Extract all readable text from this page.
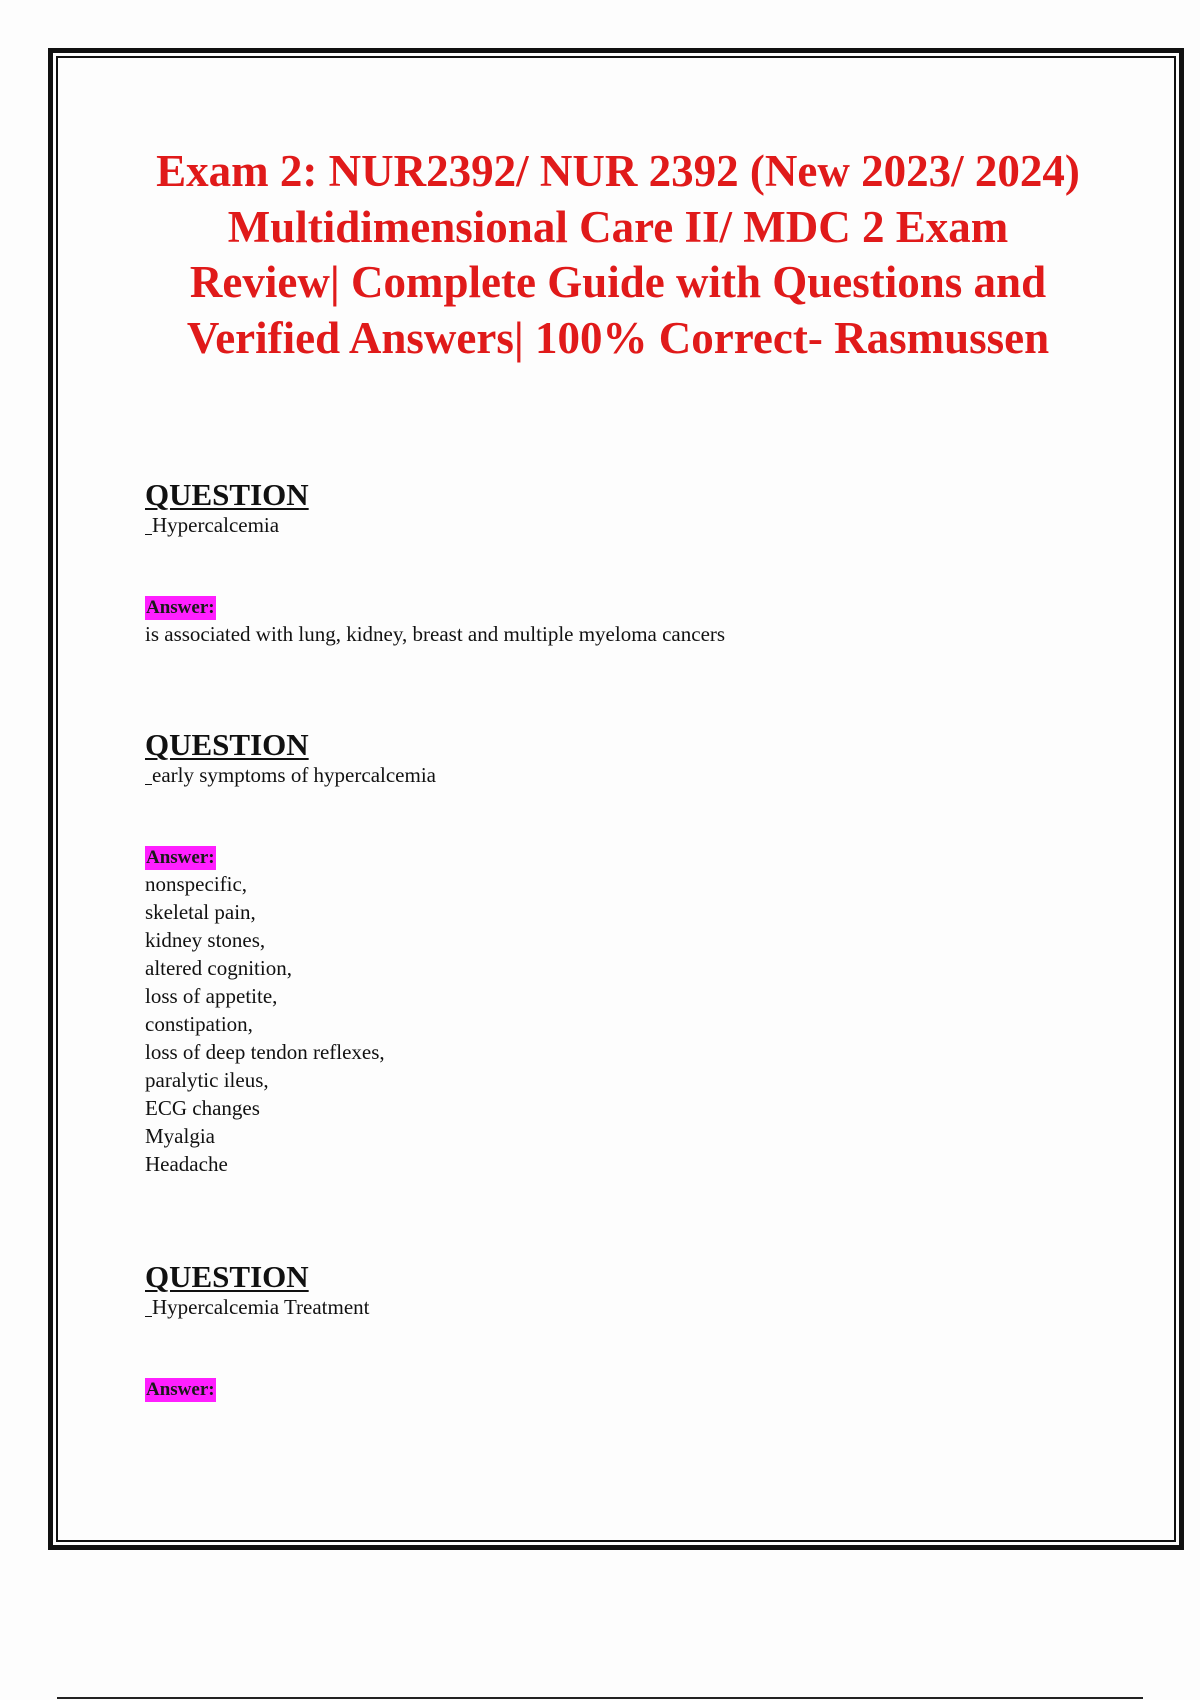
Exam 2: NUR2392/ NUR 2392 (New 2023/ 2024) Multidimensional Care II/ MDC 2 Exam Review| Complete Guide with Questions and Verified Answers| 100% Correct- Rasmussen

QUESTION

Hypercalcemia

Answer:
is associated with lung, kidney, breast and multiple myeloma cancers

QUESTION

early symptoms of hypercalcemia

Answer:
nonspecific,
skeletal pain,
kidney stones,
altered cognition,
loss of appetite,
constipation,
loss of deep tendon reflexes,
paralytic ileus,
ECG changes
Myalgia
Headache

QUESTION

Hypercalcemia Treatment

Answer:
